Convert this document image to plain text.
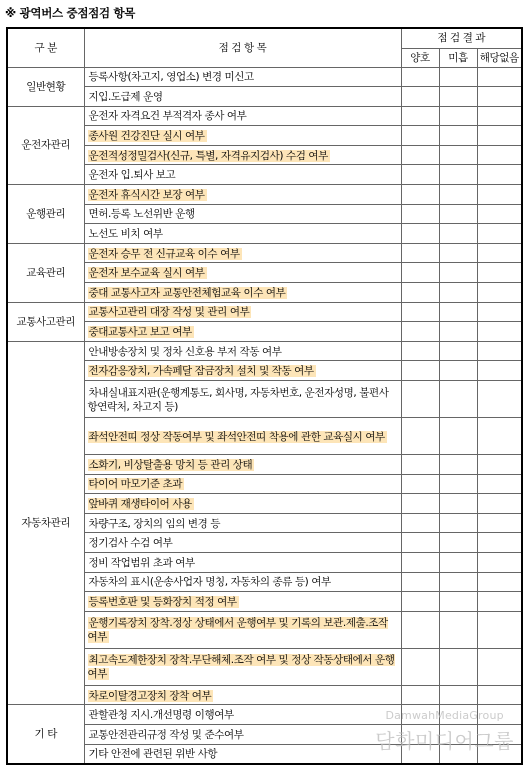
※ 광역버스 중점점검 항목
구 분	점 검 항 목	점 검 결 과		
		양호	미흡	해당없음
일반현황	등록사항(차고지, 영업소) 변경 미신고			
	지입.도급제 운영			
운전자관리	운전자 자격요건 부적격자 종사 여부			
	종사원 건강진단 실시 여부			
	운전적성정밀검사(신규, 특별, 자격유지검사) 수검 여부			
	운전자 입.퇴사 보고			
운행관리	운전자 휴식시간 보장 여부			
	면허.등록 노선위반 운행			
	노선도 비치 여부			
교육관리	운전자 승무 전 신규교육 이수 여부			
	운전자 보수교육 실시 여부			
	중대 교통사고자 교통안전체험교육 이수 여부			
교통사고관리	교통사고관리 대장 작성 및 관리 여부			
	중대교통사고 보고 여부			
자동차관리	안내방송장치 및 정차 신호용 부저 작동 여부			
	전자감응장치, 가속페달 잠금장치 설치 및 작동 여부			
	차내실내표지판(운행계통도, 회사명, 자동차번호, 운전자성명, 불편사항연락처, 차고지 등)			
	좌석안전띠 정상 작동여부 및 좌석안전띠 착용에 관한 교육실시 여부			
	소화기, 비상탈출용 망치 등 관리 상태			
	타이어 마모기준 초과			
	앞바퀴 재생타이어 사용			
	차량구조, 장치의 임의 변경 등			
	정기검사 수검 여부			
	정비 작업범위 초과 여부			
	자동차의 표시(운송사업자 명칭, 자동차의 종류 등) 여부			
	등록번호판 및 등화장치 적정 여부			
	운행기록장치 장착.정상 상태에서 운행여부 및 기록의 보관.제출.조작 여부			
	최고속도제한장치 장착.무단해체.조작 여부 및 정상 작동상태에서 운행 여부			
	차로이탈경고장치 장착 여부			
기 타	관할관청 지시.개선명령 이행여부			
	교통안전관리규정 작성 및 준수여부			
	기타 안전에 관련된 위반 사항			
DamwahMediaGroup
담화미디어그룹
